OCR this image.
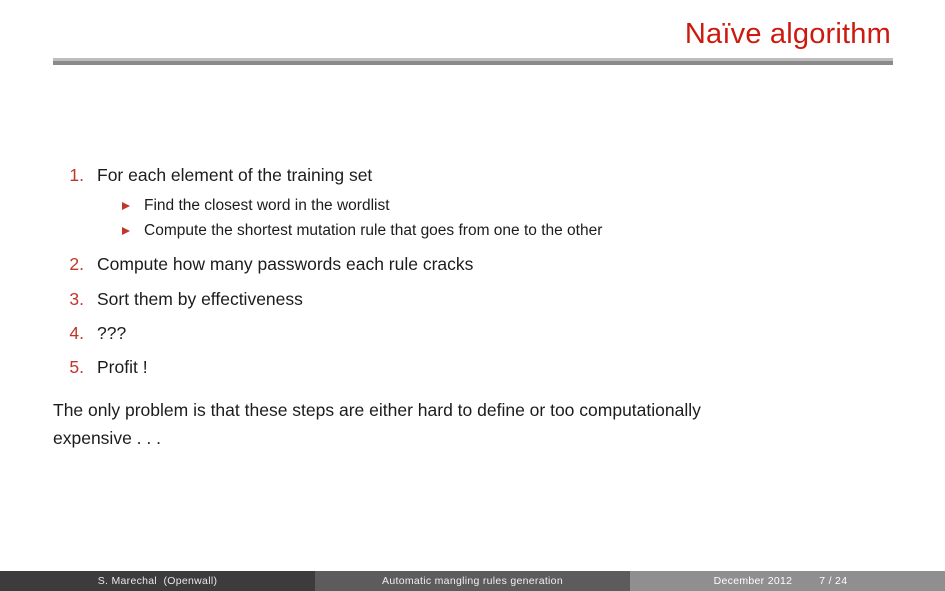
Naïve algorithm
1. For each element of the training set
Find the closest word in the wordlist
Compute the shortest mutation rule that goes from one to the other
2. Compute how many passwords each rule cracks
3. Sort them by effectiveness
4. ???
5. Profit !
The only problem is that these steps are either hard to define or too computationally
expensive . . .
S. Marechal  (Openwall)	Automatic mangling rules generation	December 2012	7 / 24
